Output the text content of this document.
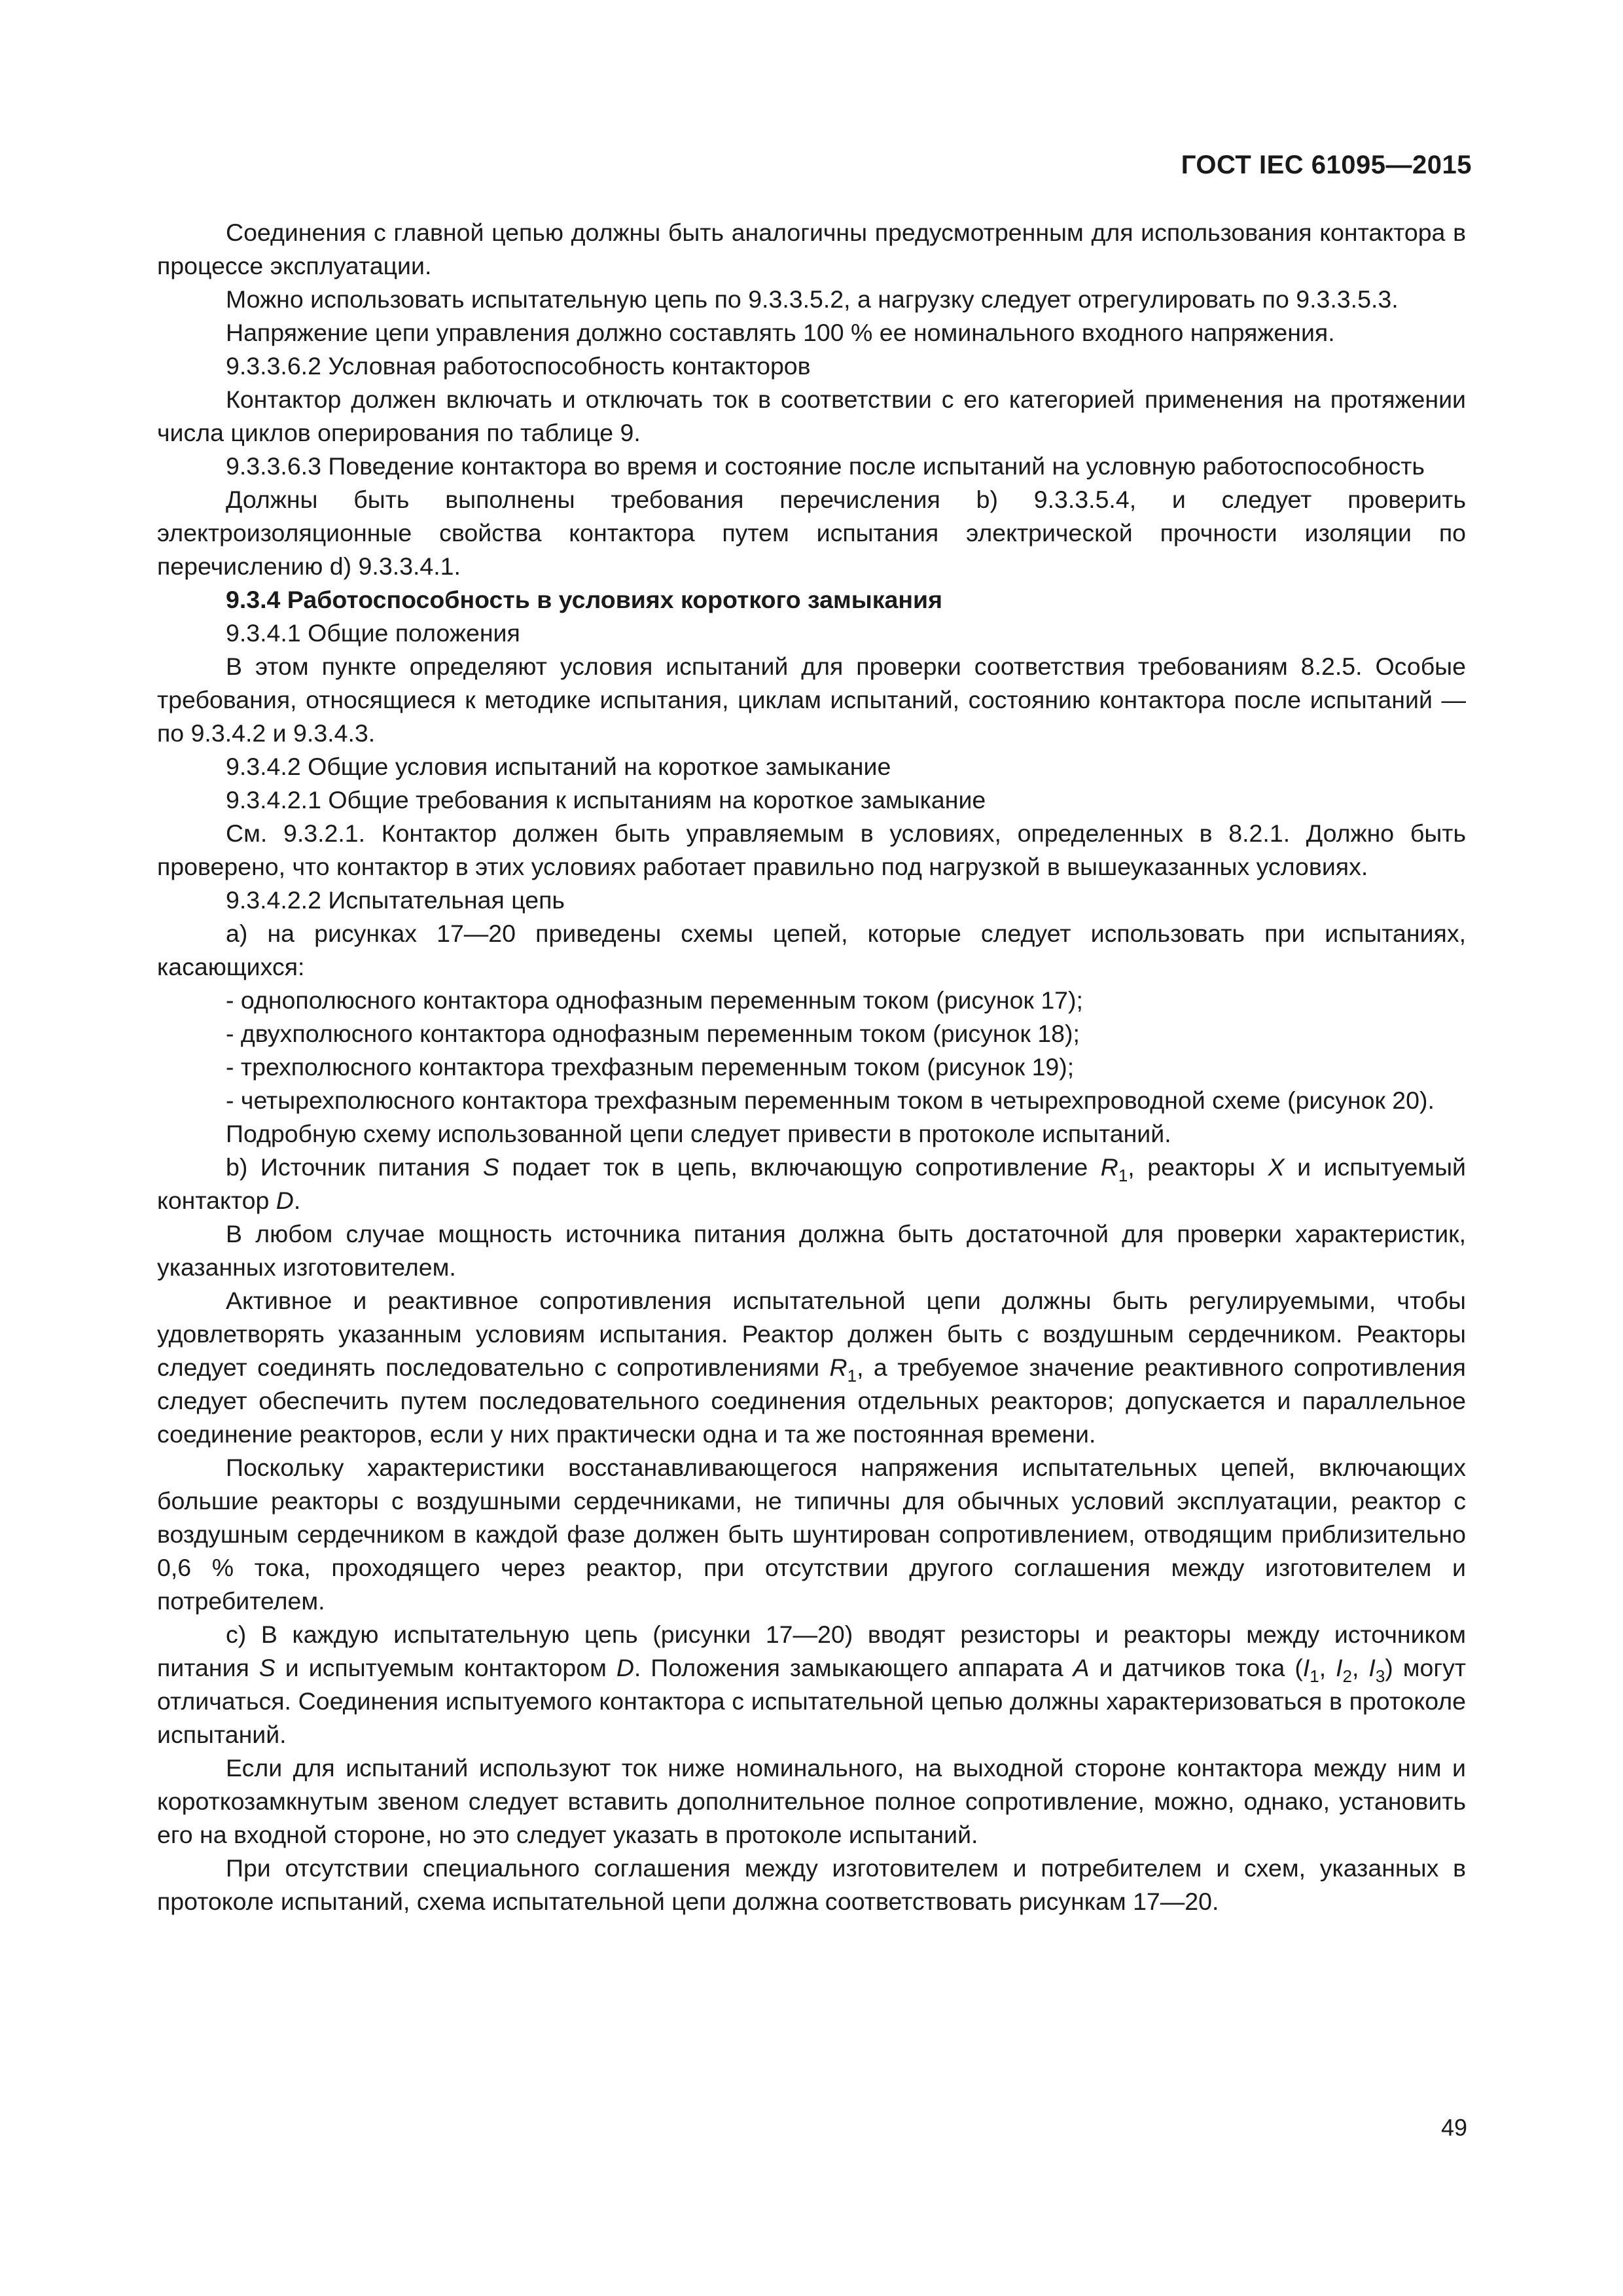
ГОСТ IEC 61095—2015

Соединения с главной цепью должны быть аналогичны предусмотренным для использования контактора в процессе эксплуатации.

Можно использовать испытательную цепь по 9.3.3.5.2, а нагрузку следует отрегулировать по 9.3.3.5.3.

Напряжение цепи управления должно составлять 100 % ее номинального входного напряжения.

9.3.3.6.2 Условная работоспособность контакторов

Контактор должен включать и отключать ток в соответствии с его категорией применения на протяжении числа циклов оперирования по таблице 9.

9.3.3.6.3 Поведение контактора во время и состояние после испытаний на условную работоспособность

Должны быть выполнены требования перечисления b) 9.3.3.5.4, и следует проверить электроизоляционные свойства контактора путем испытания электрической прочности изоляции по перечислению d) 9.3.3.4.1.

9.3.4 Работоспособность в условиях короткого замыкания

9.3.4.1 Общие положения

В этом пункте определяют условия испытаний для проверки соответствия требованиям 8.2.5. Особые требования, относящиеся к методике испытания, циклам испытаний, состоянию контактора после испытаний — по 9.3.4.2 и 9.3.4.3.

9.3.4.2 Общие условия испытаний на короткое замыкание

9.3.4.2.1 Общие требования к испытаниям на короткое замыкание

См. 9.3.2.1. Контактор должен быть управляемым в условиях, определенных в 8.2.1. Должно быть проверено, что контактор в этих условиях работает правильно под нагрузкой в вышеуказанных условиях.

9.3.4.2.2 Испытательная цепь

а) на рисунках 17—20 приведены схемы цепей, которые следует использовать при испытаниях, касающихся:

- однополюсного контактора однофазным переменным током (рисунок 17);

- двухполюсного контактора однофазным переменным током (рисунок 18);

- трехполюсного контактора трехфазным переменным током (рисунок 19);

- четырехполюсного контактора трехфазным переменным током в четырехпроводной схеме (рисунок 20).

Подробную схему использованной цепи следует привести в протоколе испытаний.

b) Источник питания S подает ток в цепь, включающую сопротивление $R_1$, реакторы X и испытуемый контактор D.

В любом случае мощность источника питания должна быть достаточной для проверки характеристик, указанных изготовителем.

Активное и реактивное сопротивления испытательной цепи должны быть регулируемыми, чтобы удовлетворять указанным условиям испытания. Реактор должен быть с воздушным сердечником. Реакторы следует соединять последовательно с сопротивлениями $R_1$, а требуемое значение реактивного сопротивления следует обеспечить путем последовательного соединения отдельных реакторов; допускается и параллельное соединение реакторов, если у них практически одна и та же постоянная времени.

Поскольку характеристики восстанавливающегося напряжения испытательных цепей, включающих большие реакторы с воздушными сердечниками, не типичны для обычных условий эксплуатации, реактор с воздушным сердечником в каждой фазе должен быть шунтирован сопротивлением, отводящим приблизительно 0,6 % тока, проходящего через реактор, при отсутствии другого соглашения между изготовителем и потребителем.

с) В каждую испытательную цепь (рисунки 17—20) вводят резисторы и реакторы между источником питания S и испытуемым контактором D. Положения замыкающего аппарата A и датчиков тока ($I_1$, $I_2$, $I_3$) могут отличаться. Соединения испытуемого контактора с испытательной цепью должны характеризоваться в протоколе испытаний.

Если для испытаний используют ток ниже номинального, на выходной стороне контактора между ним и короткозамкнутым звеном следует вставить дополнительное полное сопротивление, можно, однако, установить его на входной стороне, но это следует указать в протоколе испытаний.

При отсутствии специального соглашения между изготовителем и потребителем и схем, указанных в протоколе испытаний, схема испытательной цепи должна соответствовать рисункам 17—20.

49
